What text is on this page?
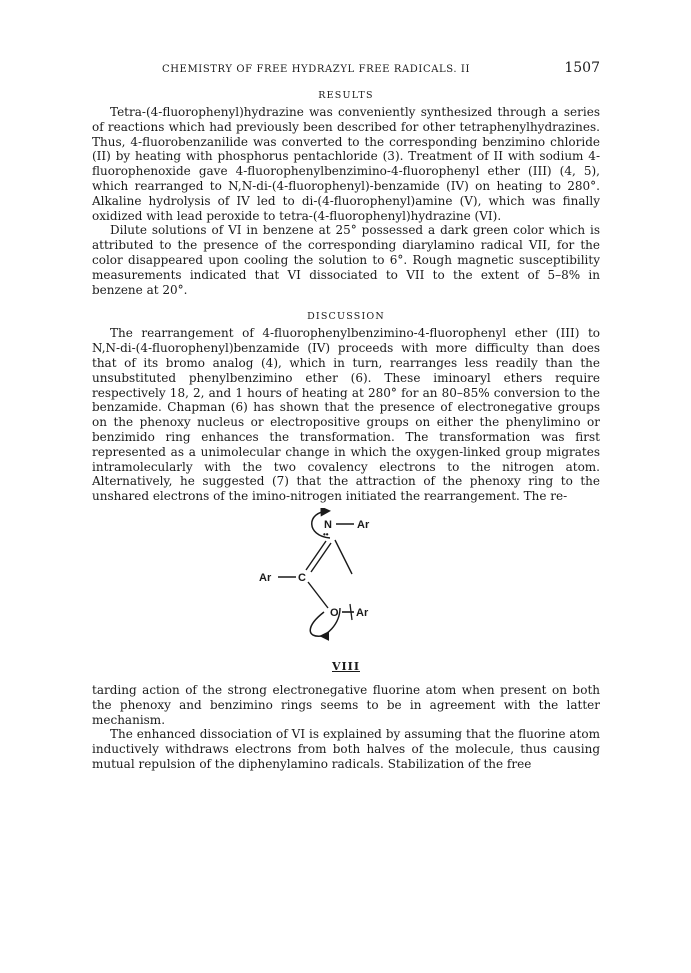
CHEMISTRY OF FREE HYDRAZYL FREE RADICALS. II	1507
RESULTS

Tetra-(4-fluorophenyl)hydrazine was conveniently synthesized through a series of reactions which had previously been described for other tetraphenylhydrazines. Thus, 4-fluorobenzanilide was converted to the corresponding benzimino chloride (II) by heating with phosphorus pentachloride (3). Treatment of II with sodium 4-fluorophenoxide gave 4-fluorophenylbenzimino-4-fluorophenyl ether (III) (4, 5), which rearranged to N,N-di-(4-fluorophenyl)-benzamide (IV) on heating to 280°. Alkaline hydrolysis of IV led to di-(4-fluorophenyl)amine (V), which was finally oxidized with lead peroxide to tetra-(4-fluorophenyl)hydrazine (VI).

Dilute solutions of VI in benzene at 25° possessed a dark green color which is attributed to the presence of the corresponding diarylamino radical VII, for the color disappeared upon cooling the solution to 6°. Rough magnetic susceptibility measurements indicated that VI dissociated to VII to the extent of 5–8% in benzene at 20°.

DISCUSSION

The rearrangement of 4-fluorophenylbenzimino-4-fluorophenyl ether (III) to N,N-di-(4-fluorophenyl)benzamide (IV) proceeds with more difficulty than does that of its bromo analog (4), which in turn, rearranges less readily than the unsubstituted phenylbenzimino ether (6). These iminoaryl ethers require respectively 18, 2, and 1 hours of heating at 280° for an 80–85% conversion to the benzamide. Chapman (6) has shown that the presence of electronegative groups on the phenoxy nucleus or electropositive groups on either the phenylimino or benzimido ring enhances the transformation. The transformation was first represented as a unimolecular change in which the oxygen-linked group migrates intramolecularly with the two covalency electrons to the nitrogen atom. Alternatively, he suggested (7) that the attraction of the phenoxy ring to the unshared electrons of the imino-nitrogen initiated the rearrangement. The re-

N
••
Ar
Ar C
O Ar
VIII

tarding action of the strong electronegative fluorine atom when present on both the phenoxy and benzimino rings seems to be in agreement with the latter mechanism.

The enhanced dissociation of VI is explained by assuming that the fluorine atom inductively withdraws electrons from both halves of the molecule, thus causing mutual repulsion of the diphenylamino radicals. Stabilization of the free
